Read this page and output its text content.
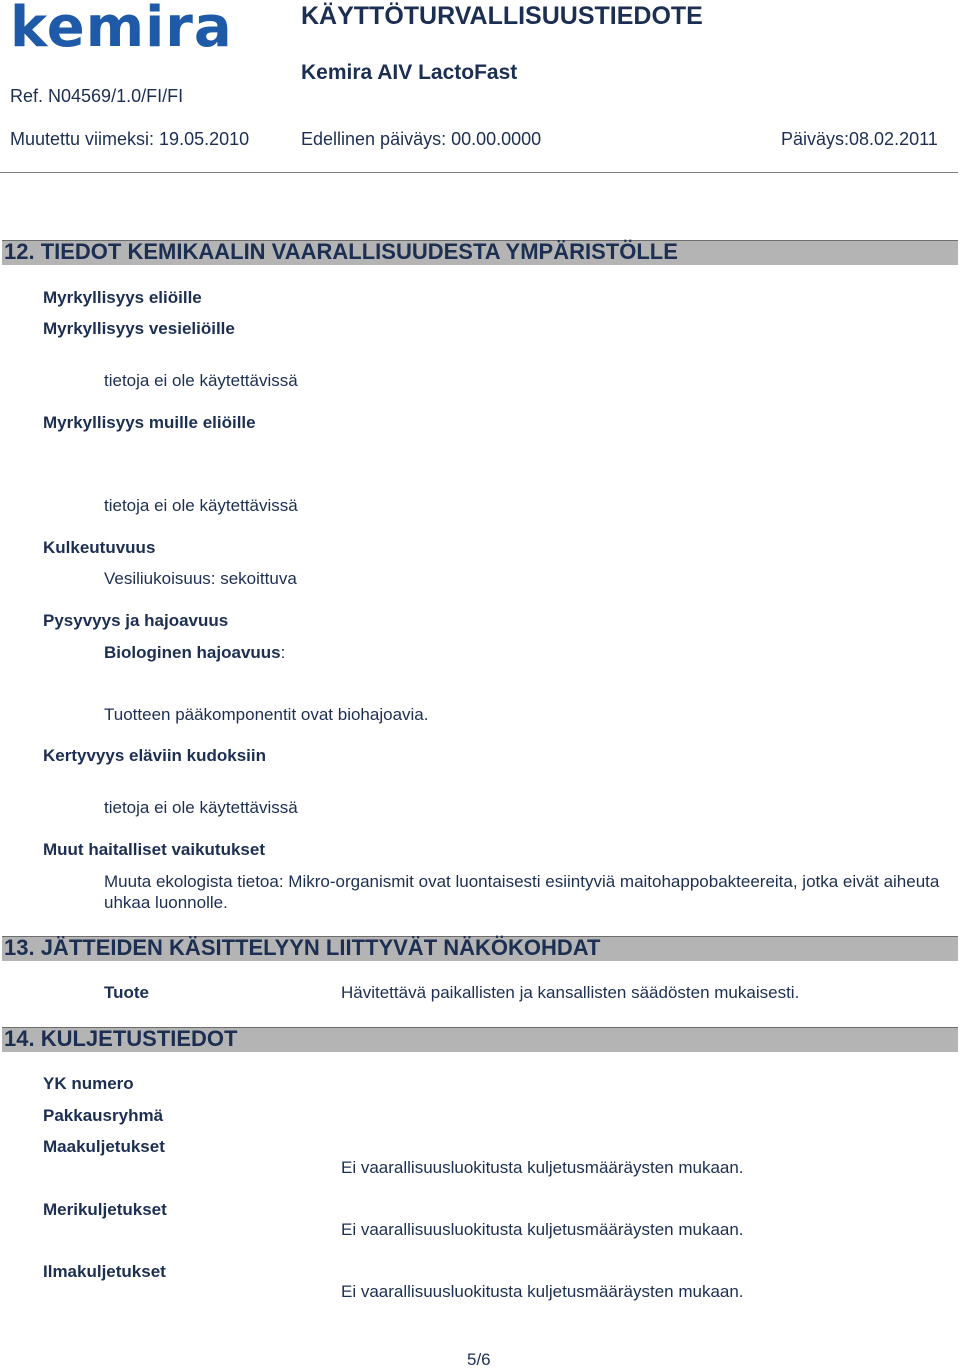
kemira	KÄYTTÖTURVALLISUUSTIEDOTE
Kemira AIV LactoFast
Ref. N04569/1.0/FI/FI
Muutettu viimeksi: 19.05.2010	Edellinen päiväys: 00.00.0000	Päiväys:08.02.2011
12. TIEDOT KEMIKAALIN VAARALLISUUDESTA YMPÄRISTÖLLE
Myrkyllisyys eliöille
Myrkyllisyys vesieliöille
tietoja ei ole käytettävissä
Myrkyllisyys muille eliöille
tietoja ei ole käytettävissä
Kulkeutuvuus
Vesiliukoisuus: sekoittuva
Pysyvyys ja hajoavuus
Biologinen hajoavuus:
Tuotteen pääkomponentit ovat biohajoavia.
Kertyvyys eläviin kudoksiin
tietoja ei ole käytettävissä
Muut haitalliset vaikutukset
Muuta ekologista tietoa: Mikro-organismit ovat luontaisesti esiintyviä maitohappobakteereita, jotka eivät aiheuta uhkaa luonnolle.
13. JÄTTEIDEN KÄSITTELYYN LIITTYVÄT NÄKÖKOHDAT
Tuote	Hävitettävä paikallisten ja kansallisten säädösten mukaisesti.
14. KULJETUSTIEDOT
YK numero
Pakkausryhmä
Maakuljetukset
Ei vaarallisuusluokitusta kuljetusmääräysten mukaan.
Merikuljetukset
Ei vaarallisuusluokitusta kuljetusmääräysten mukaan.
Ilmakuljetukset
Ei vaarallisuusluokitusta kuljetusmääräysten mukaan.
5/6
